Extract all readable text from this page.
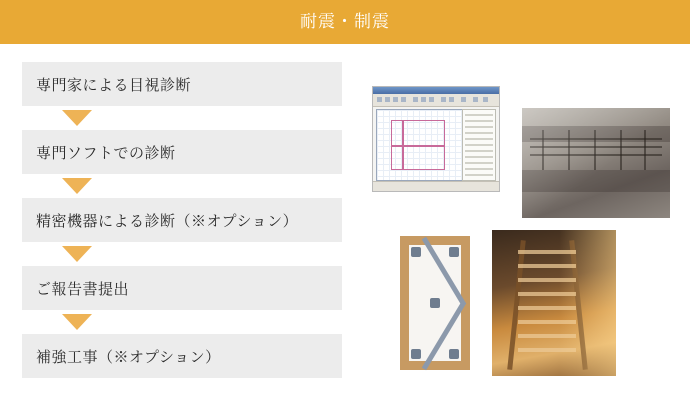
耐震・制震
専門家による目視診断
専門ソフトでの診断
精密機器による診断（※オプション）
ご報告書提出
補強工事（※オプション）
